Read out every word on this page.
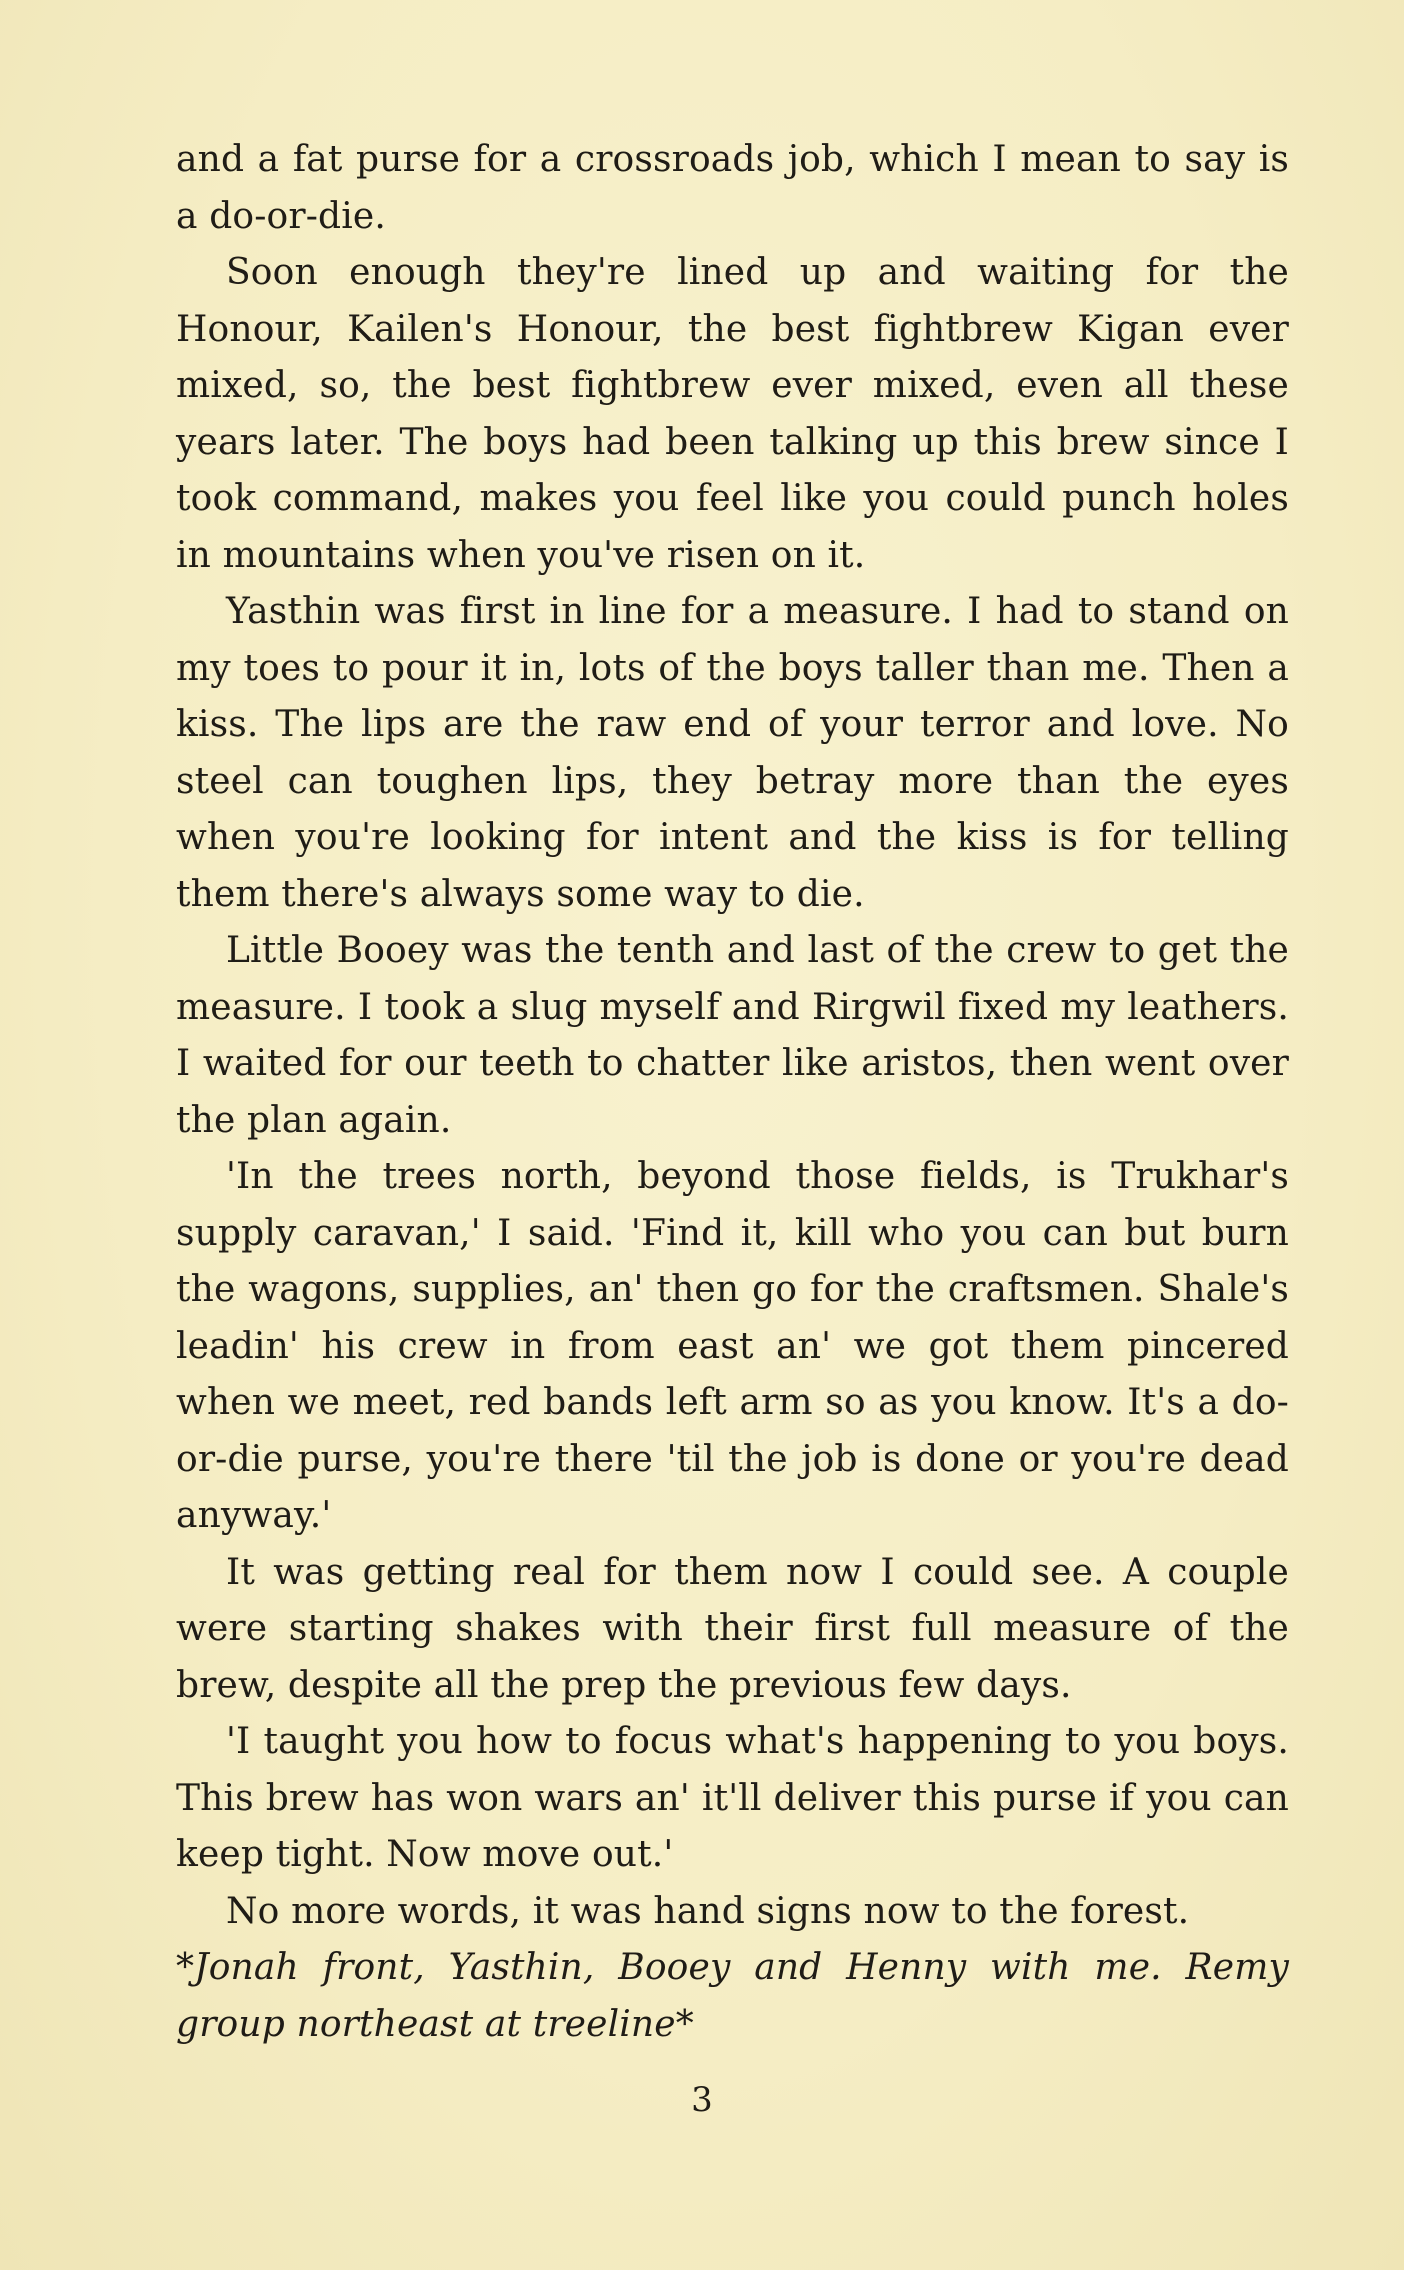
and a fat purse for a crossroads job, which I mean to say is a do-or-die.

Soon enough they're lined up and waiting for the Honour, Kailen's Honour, the best fightbrew Kigan ever mixed, so, the best fightbrew ever mixed, even all these years later. The boys had been talking up this brew since I took command, makes you feel like you could punch holes in mountains when you've risen on it.

Yasthin was first in line for a measure. I had to stand on my toes to pour it in, lots of the boys taller than me. Then a kiss. The lips are the raw end of your terror and love. No steel can toughen lips, they betray more than the eyes when you're looking for intent and the kiss is for telling them there's always some way to die.

Little Booey was the tenth and last of the crew to get the measure. I took a slug myself and Rirgwil fixed my leathers. I waited for our teeth to chatter like aristos, then went over the plan again.

'In the trees north, beyond those fields, is Trukhar's supply caravan,' I said. 'Find it, kill who you can but burn the wagons, supplies, an' then go for the craftsmen. Shale's leadin' his crew in from east an' we got them pincered when we meet, red bands left arm so as you know. It's a do-or-die purse, you're there 'til the job is done or you're dead anyway.'

It was getting real for them now I could see. A couple were starting shakes with their first full measure of the brew, despite all the prep the previous few days.

'I taught you how to focus what's happening to you boys. This brew has won wars an' it'll deliver this purse if you can keep tight. Now move out.'

No more words, it was hand signs now to the forest.

*Jonah front, Yasthin, Booey and Henny with me. Remy group northeast at treeline*

3
